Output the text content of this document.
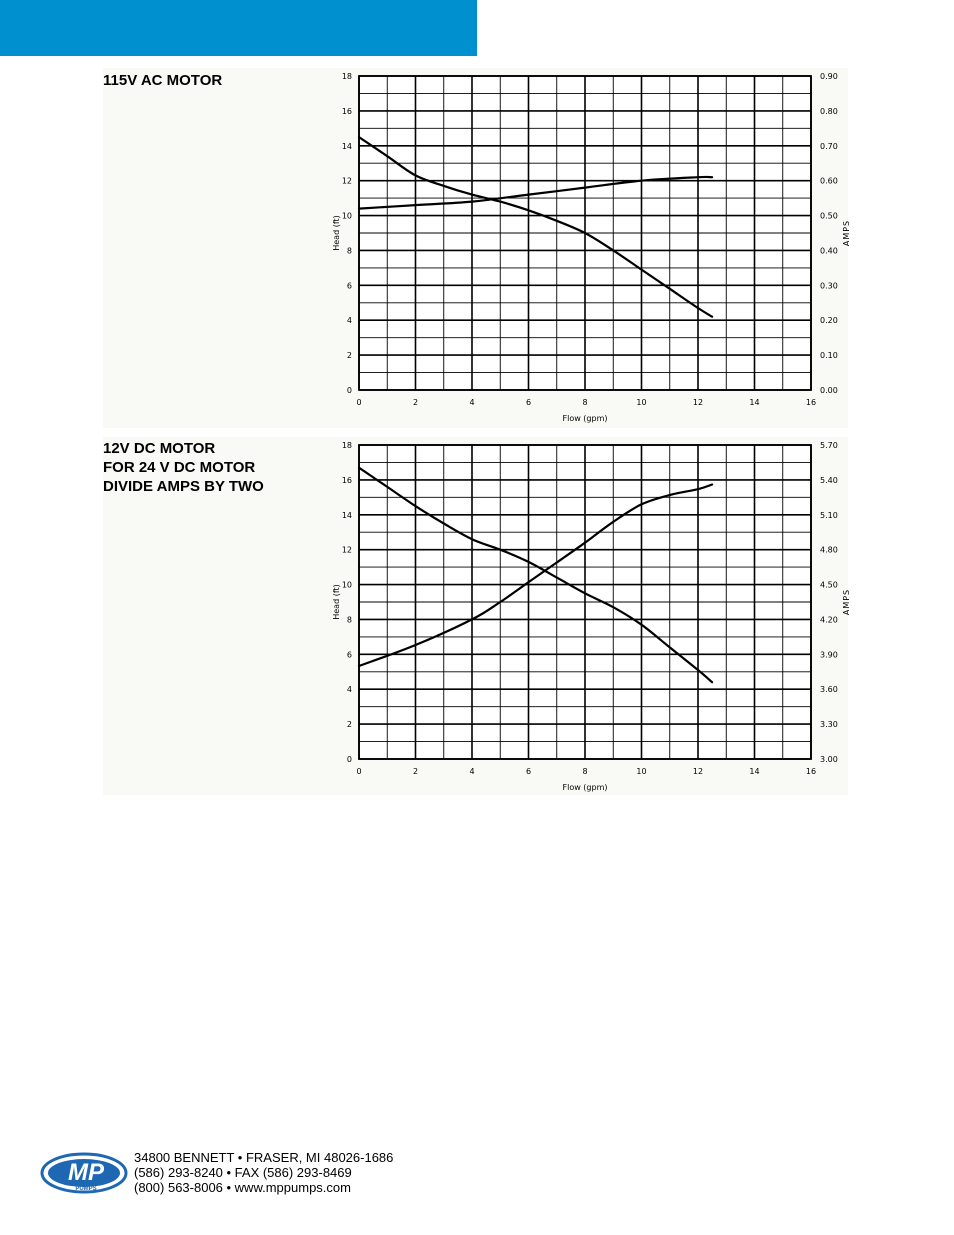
115V AC MOTOR
12V DC MOTOR
FOR 24 V DC MOTOR
DIVIDE AMPS BY TWO
0	2	4	6	8	10	12	14	16
0
2
4
6
8
10
12
14
16
18
0.00
0.10
0.20
0.30
0.40
0.50
0.60
0.70
0.80
0.90
Flow (gpm)
Head (ft)	AMPS
0	2	4	6	8	10	12	14	16
0
2
4
6
8
10
12
14
16
18
3.00
3.30
3.60
3.90
4.20
4.50
4.80
5.10
5.40
5.70
Flow (gpm)
Head (ft)	AMPS
MP
PUMPS
34800 BENNETT • FRASER, MI 48026-1686
(586) 293-8240 • FAX (586) 293-8469
(800) 563-8006 • www.mppumps.com
